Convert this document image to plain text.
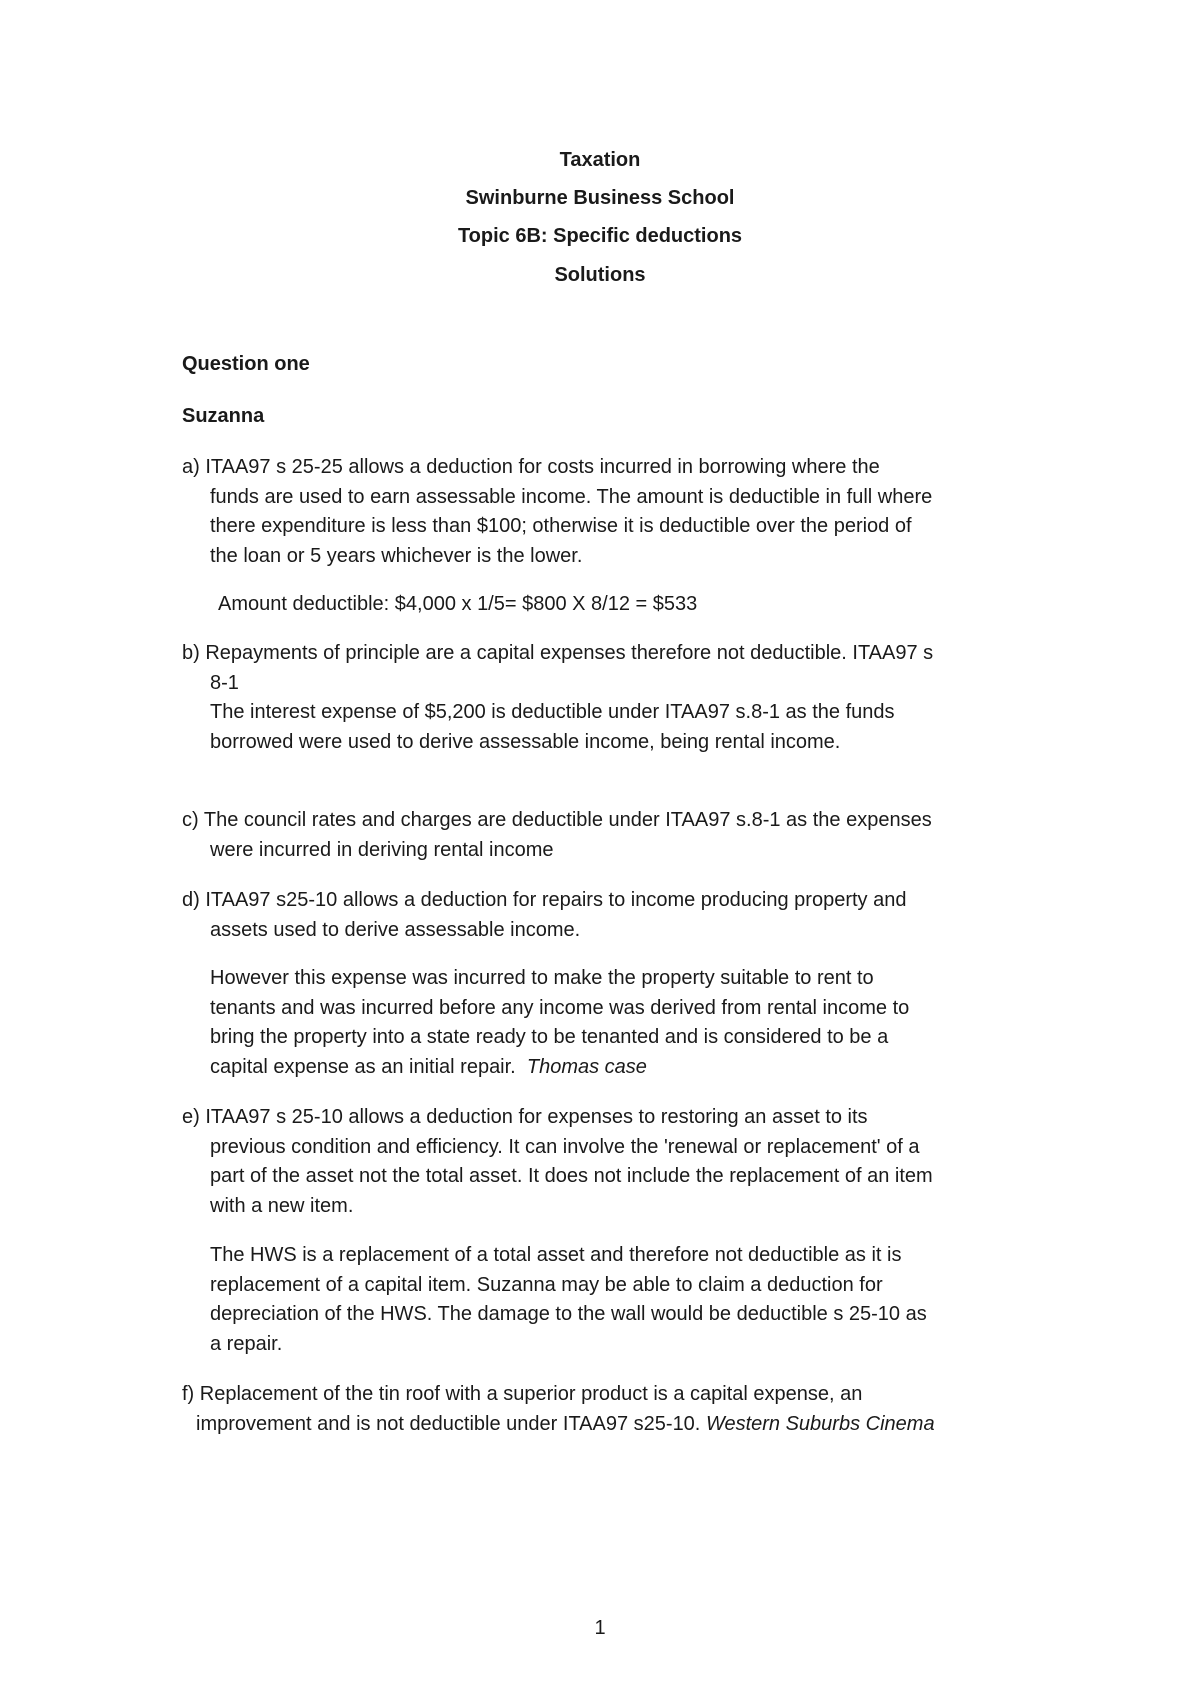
Taxation
Swinburne Business School
Topic 6B: Specific deductions
Solutions
Question one
Suzanna
a) ITAA97 s 25-25 allows a deduction for costs incurred in borrowing where the
funds are used to earn assessable income. The amount is deductible in full where
there expenditure is less than $100; otherwise it is deductible over the period of
the loan or 5 years whichever is the lower.
Amount deductible: $4,000 x 1/5= $800 X 8/12 = $533
b) Repayments of principle are a capital expenses therefore not deductible. ITAA97 s
8-1
The interest expense of $5,200 is deductible under ITAA97 s.8-1 as the funds
borrowed were used to derive assessable income, being rental income.
c) The council rates and charges are deductible under ITAA97 s.8-1 as the expenses
were incurred in deriving rental income
d) ITAA97 s25-10 allows a deduction for repairs to income producing property and
assets used to derive assessable income.
However this expense was incurred to make the property suitable to rent to
tenants and was incurred before any income was derived from rental income to
bring the property into a state ready to be tenanted and is considered to be a
capital expense as an initial repair. Thomas case
e) ITAA97 s 25-10 allows a deduction for expenses to restoring an asset to its
previous condition and efficiency. It can involve the 'renewal or replacement' of a
part of the asset not the total asset. It does not include the replacement of an item
with a new item.
The HWS is a replacement of a total asset and therefore not deductible as it is
replacement of a capital item. Suzanna may be able to claim a deduction for
depreciation of the HWS. The damage to the wall would be deductible s 25-10 as
a repair.
f) Replacement of the tin roof with a superior product is a capital expense, an
improvement and is not deductible under ITAA97 s25-10. Western Suburbs Cinema
1
